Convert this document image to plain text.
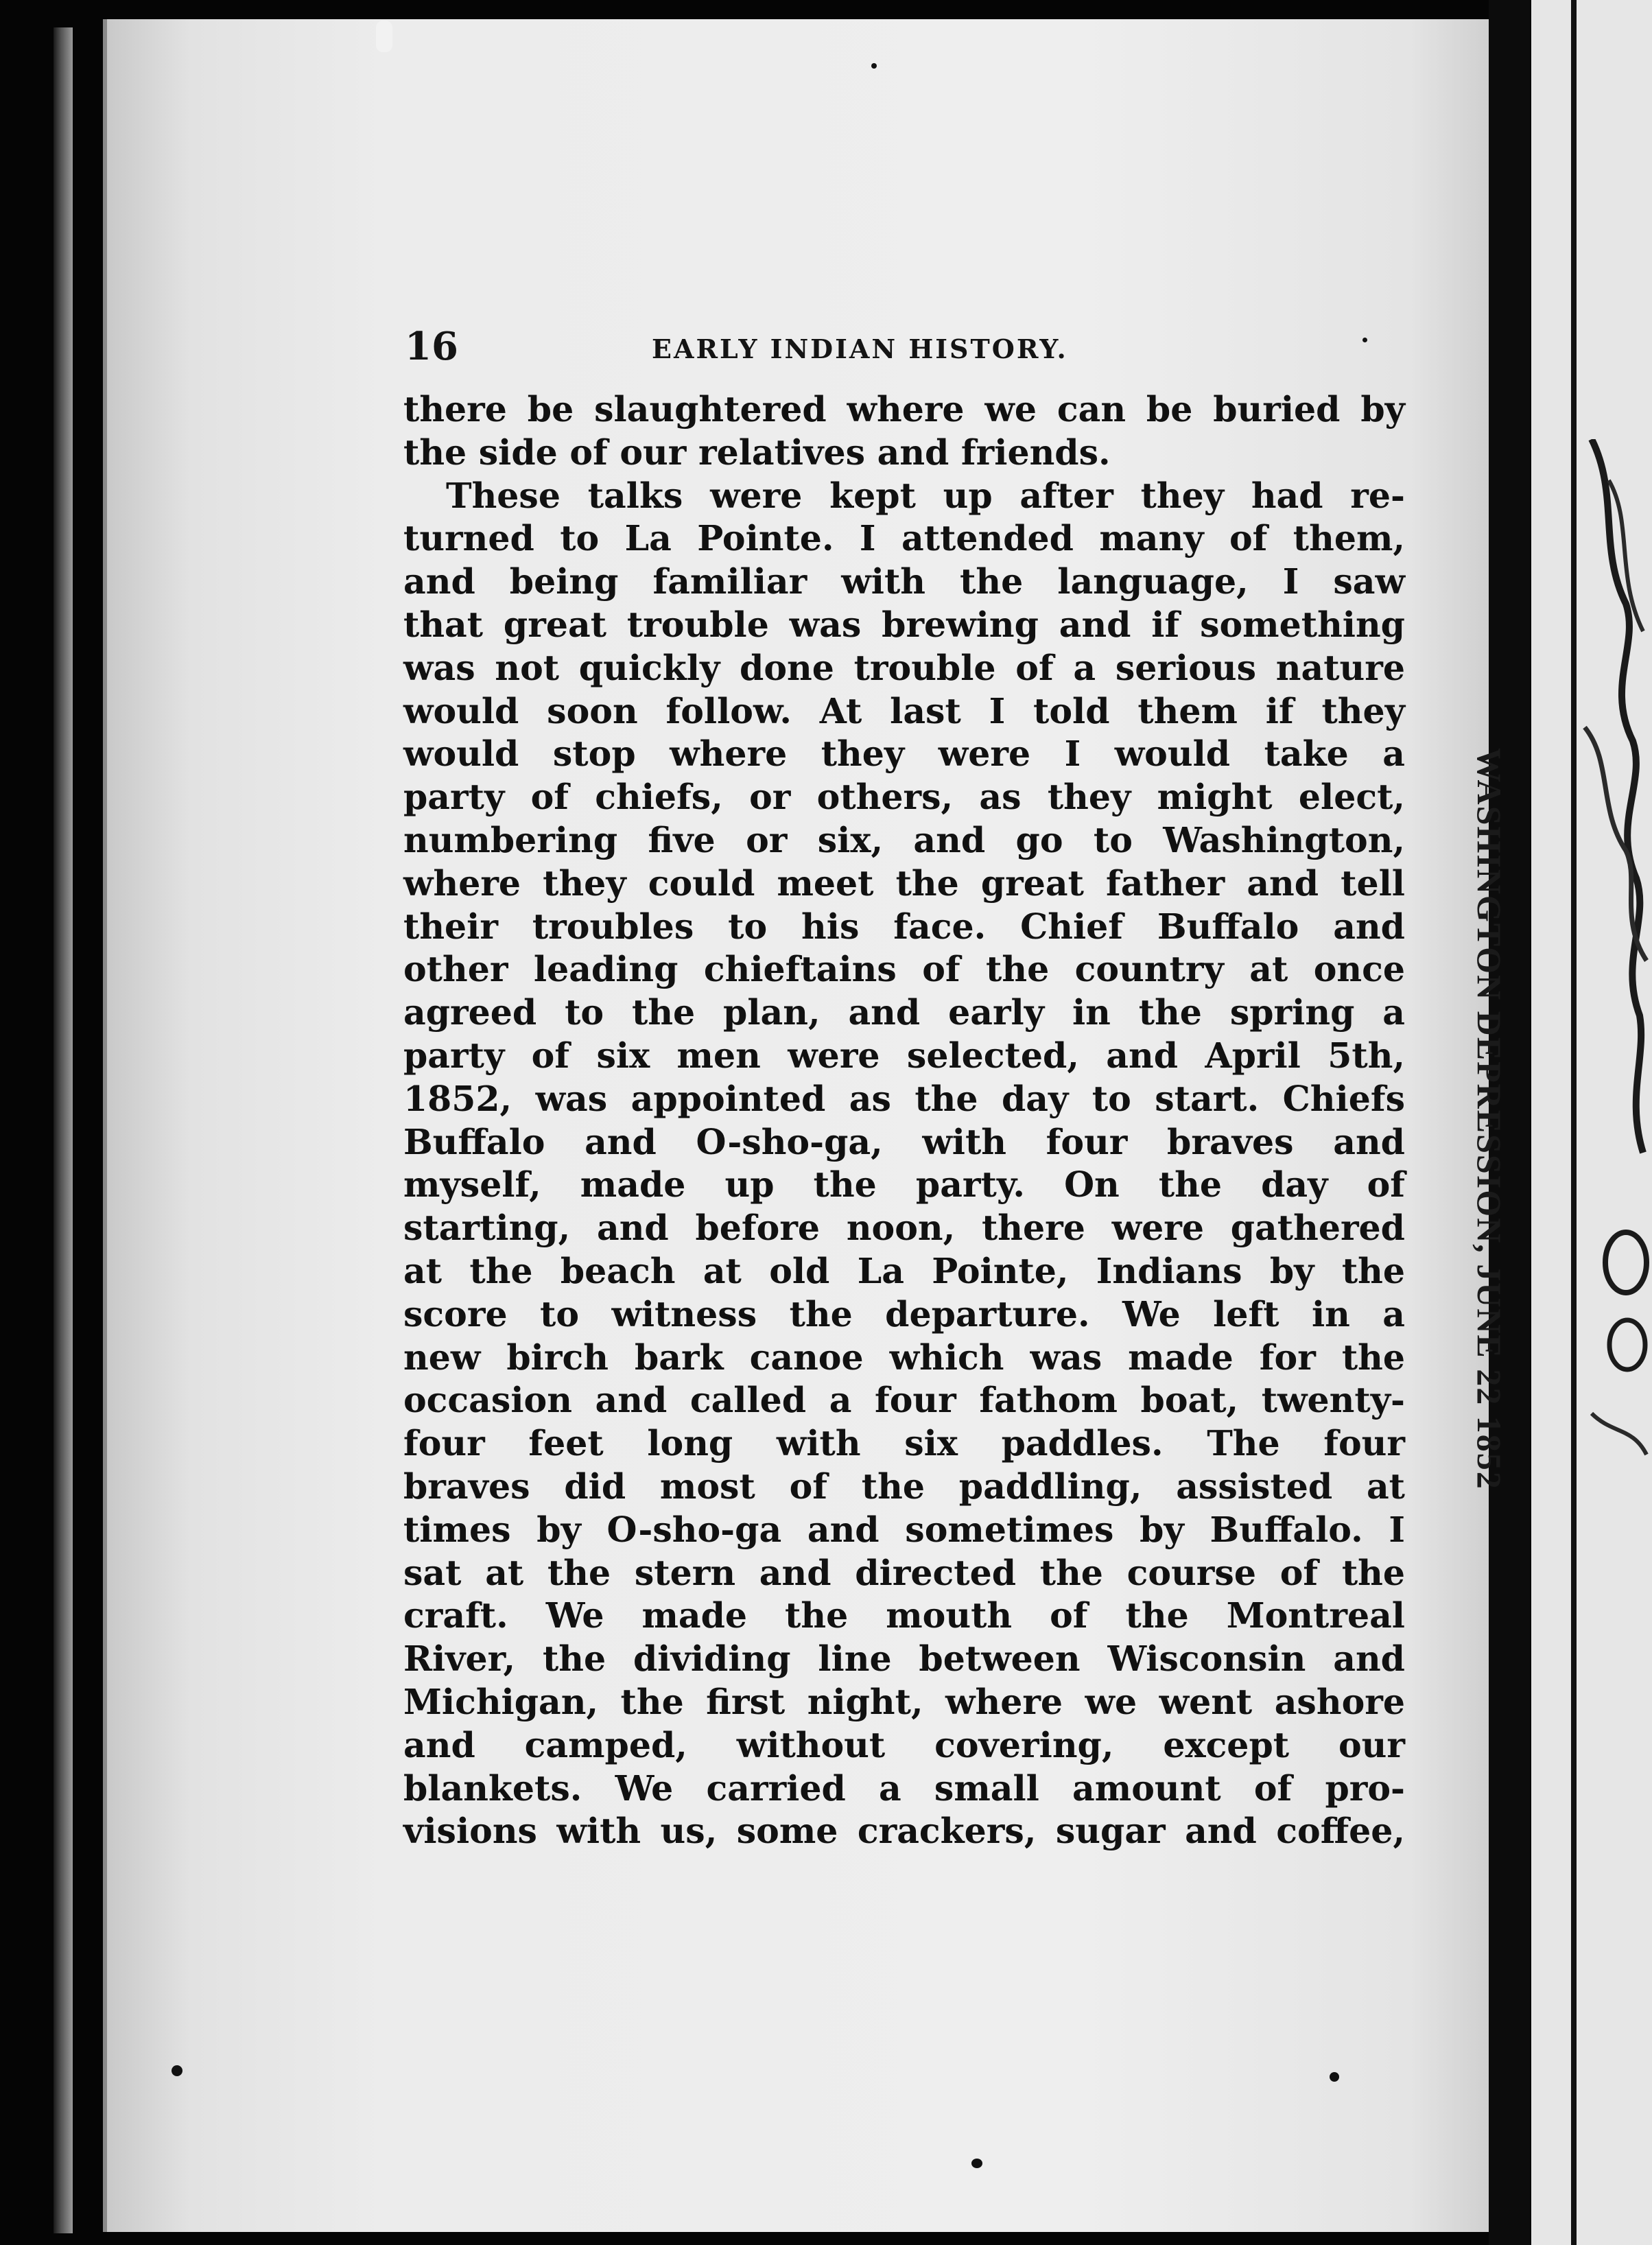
WASHINGTON DEPRESSION, JUNE 22 1852
16	EARLY INDIAN HISTORY.
there be slaughtered where we can be buried by
the side of our relatives and friends.
These talks were kept up after they had re-
turned to La Pointe. I attended many of them,
and being familiar with the language, I saw
that great trouble was brewing and if something
was not quickly done trouble of a serious nature
would soon follow. At last I told them if they
would stop where they were I would take a
party of chiefs, or others, as they might elect,
numbering five or six, and go to Washington,
where they could meet the great father and tell
their troubles to his face. Chief Buffalo and
other leading chieftains of the country at once
agreed to the plan, and early in the spring a
party of six men were selected, and April 5th,
1852, was appointed as the day to start. Chiefs
Buffalo and O-sho-ga, with four braves and
myself, made up the party. On the day of
starting, and before noon, there were gathered
at the beach at old La Pointe, Indians by the
score to witness the departure. We left in a
new birch bark canoe which was made for the
occasion and called a four fathom boat, twenty-
four feet long with six paddles. The four
braves did most of the paddling, assisted at
times by O-sho-ga and sometimes by Buffalo. I
sat at the stern and directed the course of the
craft. We made the mouth of the Montreal
River, the dividing line between Wisconsin and
Michigan, the first night, where we went ashore
and camped, without covering, except our
blankets. We carried a small amount of pro-
visions with us, some crackers, sugar and coffee,
